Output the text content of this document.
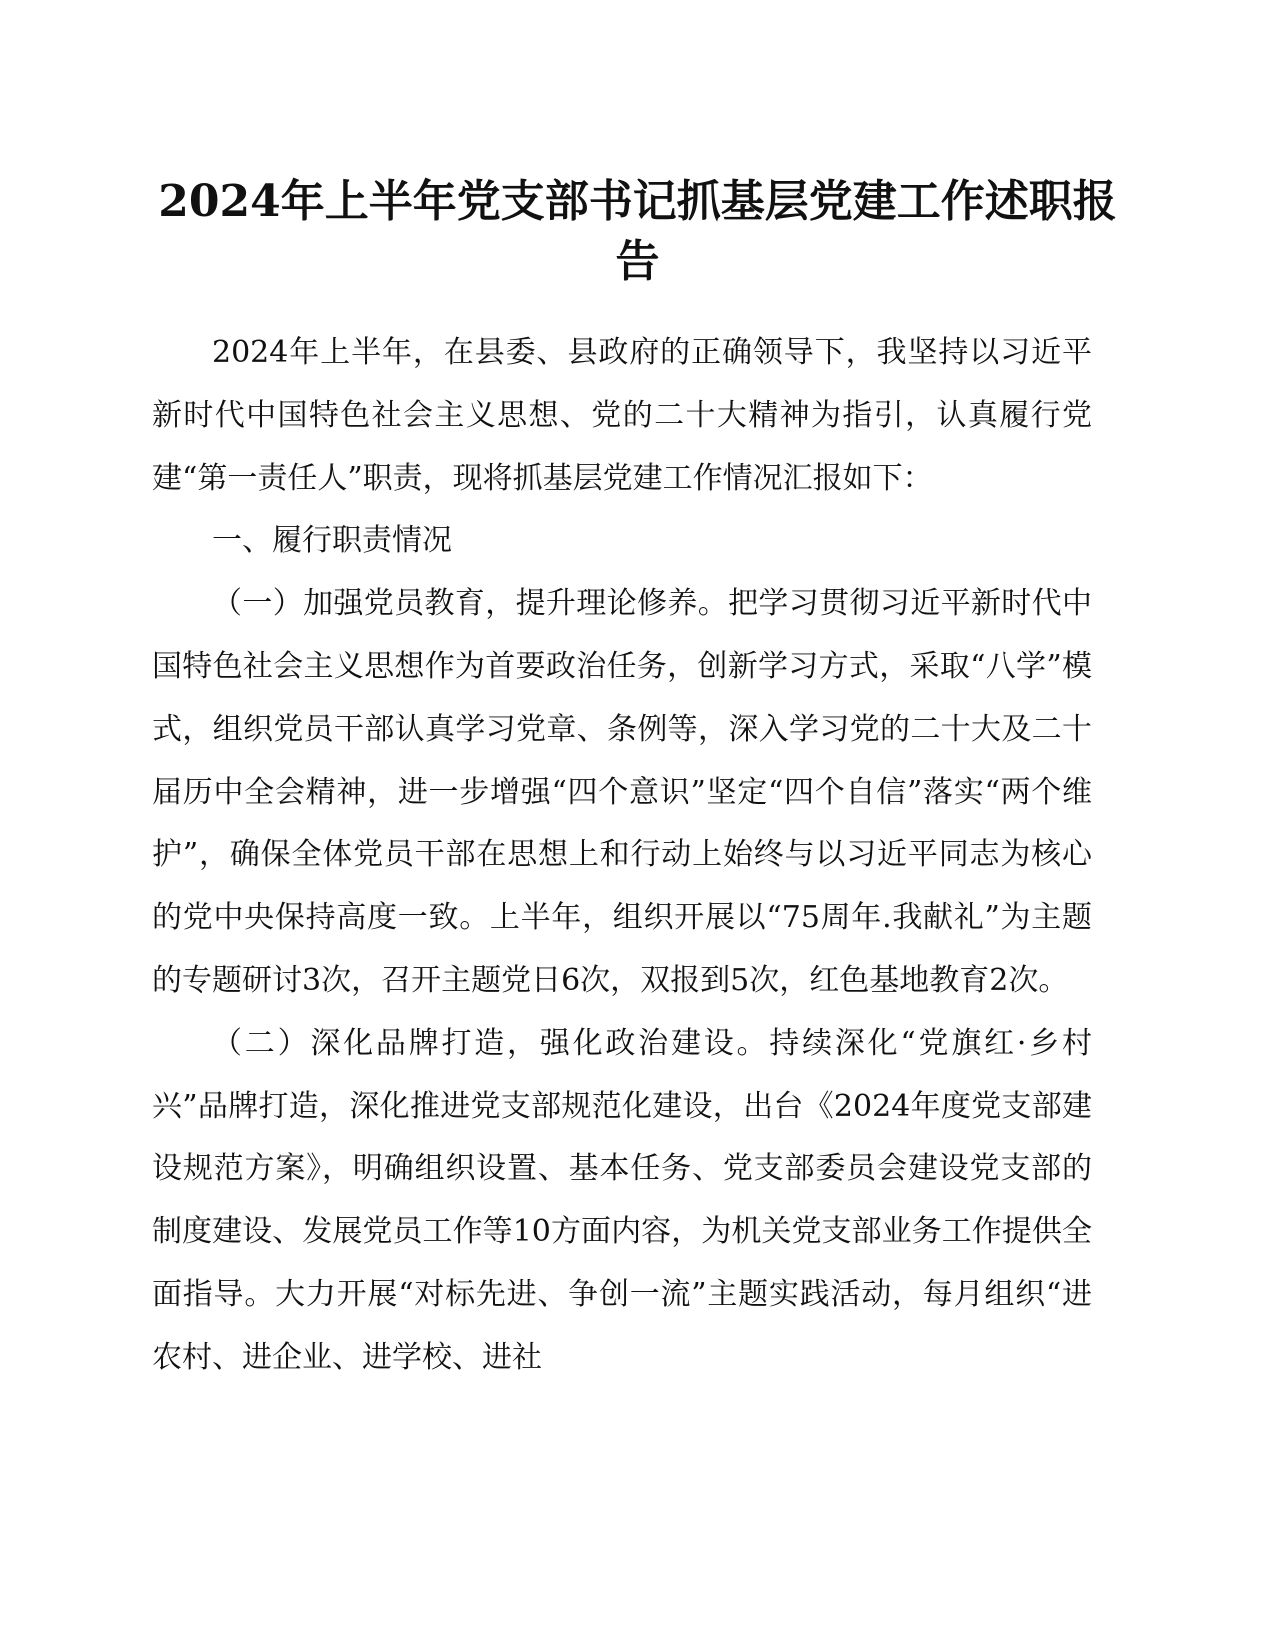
2024年上半年党支部书记抓基层党建工作述职报告

2024年上半年，在县委、县政府的正确领导下，我坚持以习近平新时代中国特色社会主义思想、党的二十大精神为指引，认真履行党建“第一责任人”职责，现将抓基层党建工作情况汇报如下：

一、履行职责情况

（一）加强党员教育，提升理论修养。把学习贯彻习近平新时代中国特色社会主义思想作为首要政治任务，创新学习方式，采取“八学”模式，组织党员干部认真学习党章、条例等，深入学习党的二十大及二十届历中全会精神，进一步增强“四个意识”坚定“四个自信”落实“两个维护”，确保全体党员干部在思想上和行动上始终与以习近平同志为核心的党中央保持高度一致。上半年，组织开展以“75周年.我献礼”为主题的专题研讨3次，召开主题党日6次，双报到5次，红色基地教育2次。

（二）深化品牌打造，强化政治建设。持续深化“党旗红·乡村兴”品牌打造，深化推进党支部规范化建设，出台《2024年度党支部建设规范方案》，明确组织设置、基本任务、党支部委员会建设党支部的制度建设、发展党员工作等10方面内容，为机关党支部业务工作提供全面指导。大力开展“对标先进、争创一流”主题实践活动，每月组织“进农村、进企业、进学校、进社
